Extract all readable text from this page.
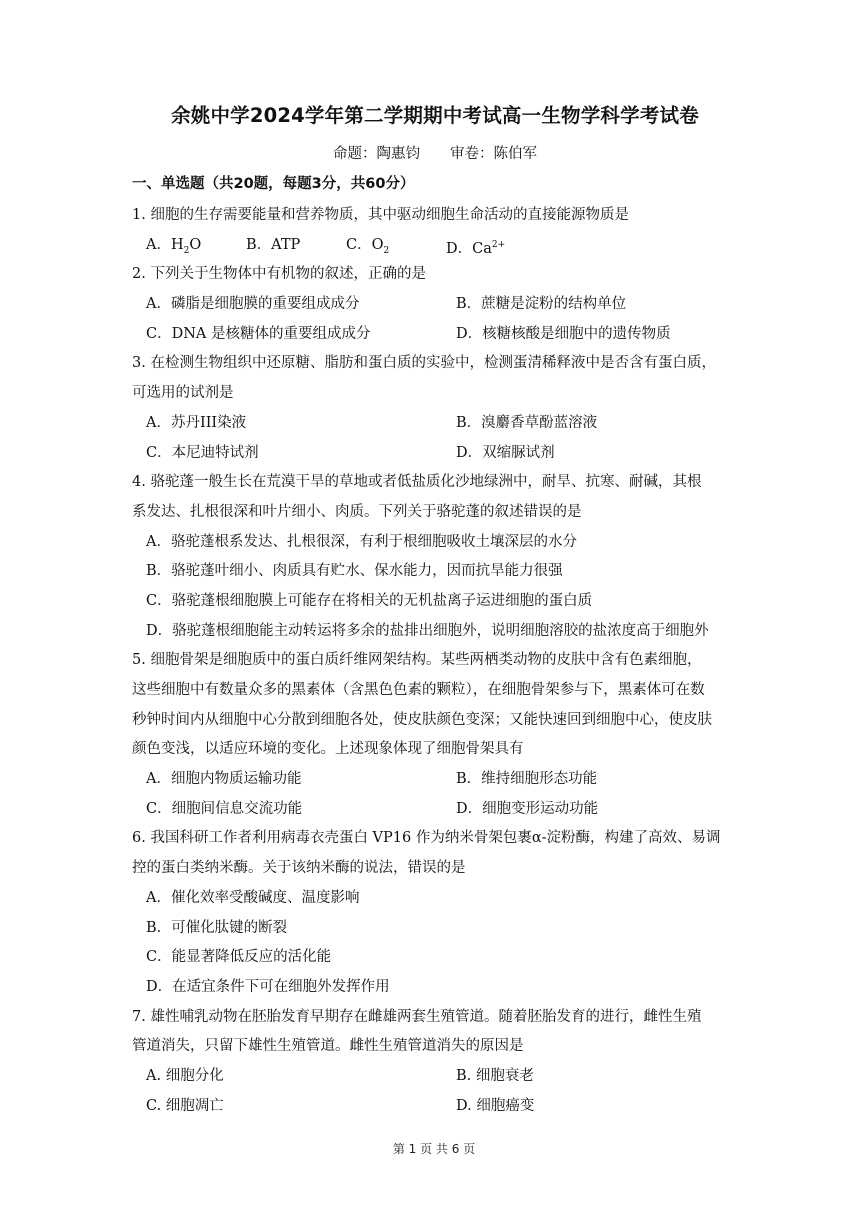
余姚中学2024学年第二学期期中考试高一生物学科学考试卷
命题：陶惠钧 审卷：陈伯军
一、单选题（共20题，每题3分，共60分）
1. 细胞的生存需要能量和营养物质，其中驱动细胞生命活动的直接能源物质是
A．$H_2O$	B．ATP	C．$O_2$	D．$Ca^{2+}$
2. 下列关于生物体中有机物的叙述，正确的是
A．磷脂是细胞膜的重要组成成分	B．蔗糖是淀粉的结构单位
C．DNA 是核糖体的重要组成成分	D．核糖核酸是细胞中的遗传物质
3. 在检测生物组织中还原糖、脂肪和蛋白质的实验中，检测蛋清稀释液中是否含有蛋白质，
可选用的试剂是
A．苏丹III染液	B．溴麝香草酚蓝溶液
C．本尼迪特试剂	D．双缩脲试剂
4. 骆驼蓬一般生长在荒漠干旱的草地或者低盐质化沙地绿洲中，耐旱、抗寒、耐碱，其根
系发达、扎根很深和叶片细小、肉质。下列关于骆驼蓬的叙述错误的是
A．骆驼蓬根系发达、扎根很深，有利于根细胞吸收土壤深层的水分
B．骆驼蓬叶细小、肉质具有贮水、保水能力，因而抗旱能力很强
C．骆驼蓬根细胞膜上可能存在将相关的无机盐离子运进细胞的蛋白质
D．骆驼蓬根细胞能主动转运将多余的盐排出细胞外，说明细胞溶胶的盐浓度高于细胞外
5. 细胞骨架是细胞质中的蛋白质纤维网架结构。某些两栖类动物的皮肤中含有色素细胞，
这些细胞中有数量众多的黑素体（含黑色色素的颗粒），在细胞骨架参与下，黑素体可在数
秒钟时间内从细胞中心分散到细胞各处，使皮肤颜色变深；又能快速回到细胞中心，使皮肤
颜色变浅，以适应环境的变化。上述现象体现了细胞骨架具有
A．细胞内物质运输功能	B．维持细胞形态功能
C．细胞间信息交流功能	D．细胞变形运动功能
6. 我国科研工作者利用病毒衣壳蛋白 VP16 作为纳米骨架包裹α-淀粉酶，构建了高效、易调
控的蛋白类纳米酶。关于该纳米酶的说法，错误的是
A．催化效率受酸碱度、温度影响
B．可催化肽键的断裂
C．能显著降低反应的活化能
D．在适宜条件下可在细胞外发挥作用
7. 雄性哺乳动物在胚胎发育早期存在雌雄两套生殖管道。随着胚胎发育的进行，雌性生殖
管道消失，只留下雄性生殖管道。雌性生殖管道消失的原因是
A. 细胞分化	B. 细胞衰老
C. 细胞凋亡	D. 细胞癌变
第 1 页 共 6 页
